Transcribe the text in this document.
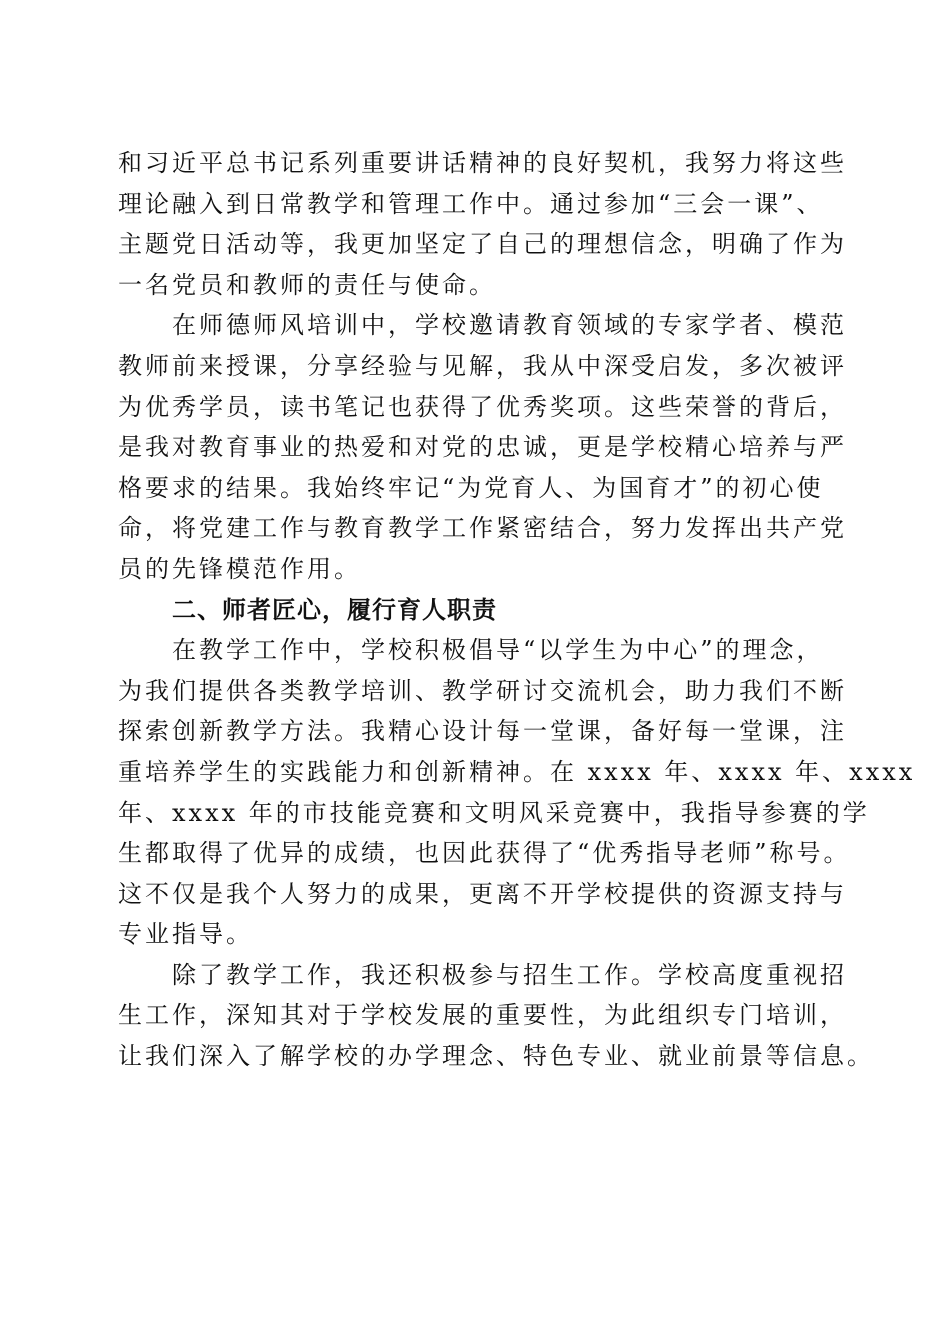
和习近平总书记系列重要讲话精神的良好契机，我努力将这些
理论融入到日常教学和管理工作中。通过参加“三会一课”、
主题党日活动等，我更加坚定了自己的理想信念，明确了作为
一名党员和教师的责任与使命。
在师德师风培训中，学校邀请教育领域的专家学者、模范
教师前来授课，分享经验与见解，我从中深受启发，多次被评
为优秀学员，读书笔记也获得了优秀奖项。这些荣誉的背后，
是我对教育事业的热爱和对党的忠诚，更是学校精心培养与严
格要求的结果。我始终牢记“为党育人、为国育才”的初心使
命，将党建工作与教育教学工作紧密结合，努力发挥出共产党
员的先锋模范作用。
二、师者匠心，履行育人职责
在教学工作中，学校积极倡导“以学生为中心”的理念，
为我们提供各类教学培训、教学研讨交流机会，助力我们不断
探索创新教学方法。我精心设计每一堂课，备好每一堂课，注
重培养学生的实践能力和创新精神。在 xxxx 年、xxxx 年、xxxx
年、xxxx 年的市技能竞赛和文明风采竞赛中，我指导参赛的学
生都取得了优异的成绩，也因此获得了“优秀指导老师”称号。
这不仅是我个人努力的成果，更离不开学校提供的资源支持与
专业指导。
除了教学工作，我还积极参与招生工作。学校高度重视招
生工作，深知其对于学校发展的重要性，为此组织专门培训，
让我们深入了解学校的办学理念、特色专业、就业前景等信息。
